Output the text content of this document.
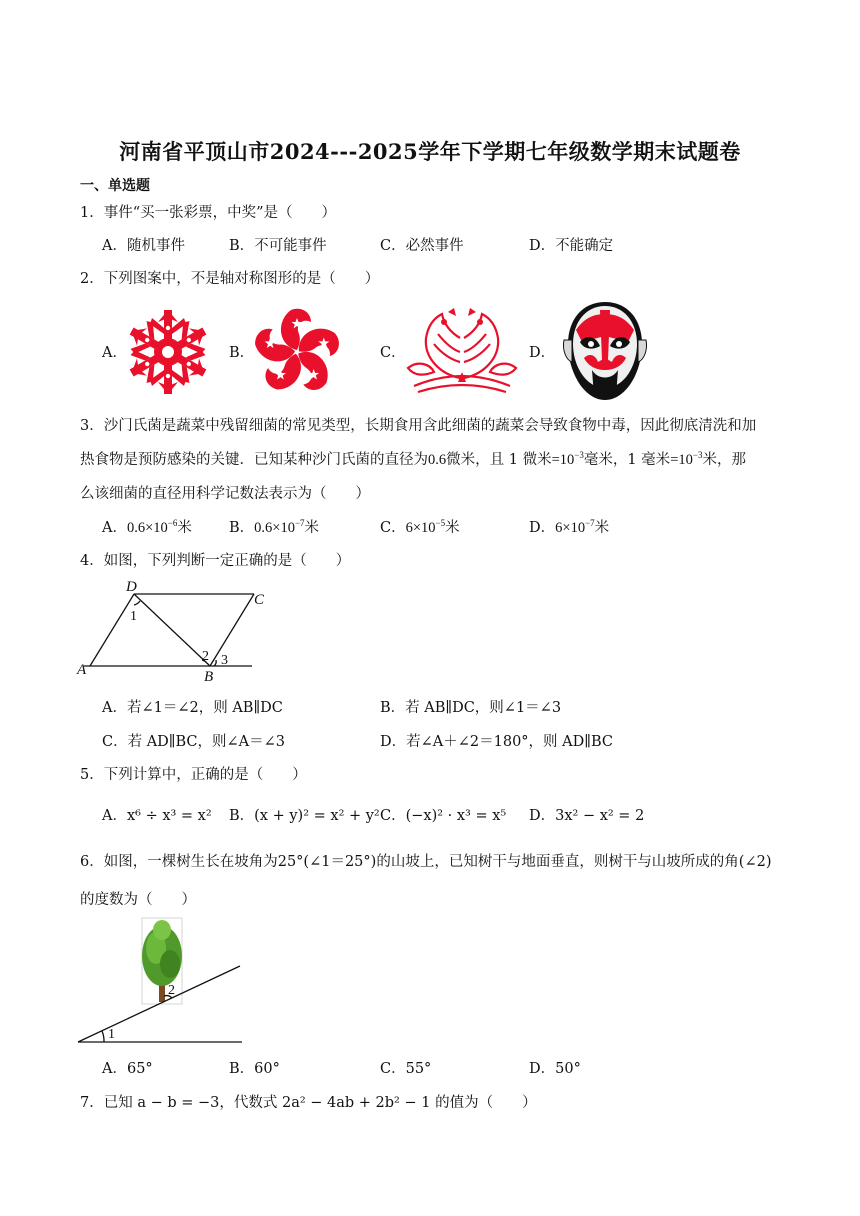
河南省平顶山市2024---2025学年下学期七年级数学期末试题卷
一、单选题
1．事件“买一张彩票，中奖”是（　　）
A．随机事件	B．不可能事件	C．必然事件	D．不能确定
2．下列图案中，不是轴对称图形的是（　　）
A．	B．	C．	D．
3．沙门氏菌是蔬菜中残留细菌的常见类型，长期食用含此细菌的蔬菜会导致食物中毒，因此彻底清洗和加
热食物是预防感染的关键．已知某种沙门氏菌的直径为0.6微米，且 1 微米$=10^{-3}$毫米，1 毫米$=10^{-3}$米，那
么该细菌的直径用科学记数法表示为（　　）
A．$0.6\times 10^{-6}$米	B．$0.6\times 10^{-7}$米	C．$6\times 10^{-5}$米	D．$6\times 10^{-7}$米
4．如图，下列判断一定正确的是（　　）
D
C
A	B
1
2 3
A．若∠1＝∠2，则 AB∥DC	B．若 AB∥DC，则∠1＝∠3
C．若 AD∥BC，则∠A＝∠3	D．若∠A＋∠2＝180°，则 AD∥BC
5．下列计算中，正确的是（　　）
A．x⁶ ÷ x³ = x² B．(x + y)² = x² + y² C．(−x)² · x³ = x⁵ D．3x² − x² = 2
6．如图，一棵树生长在坡角为25°(∠1＝25°)的山坡上，已知树干与地面垂直，则树干与山坡所成的角(∠2)
的度数为（　　）
1
2
A．65°	B．60°	C．55°	D．50°
7．已知 a − b = −3，代数式 2a² − 4ab + 2b² − 1 的值为（　　）
